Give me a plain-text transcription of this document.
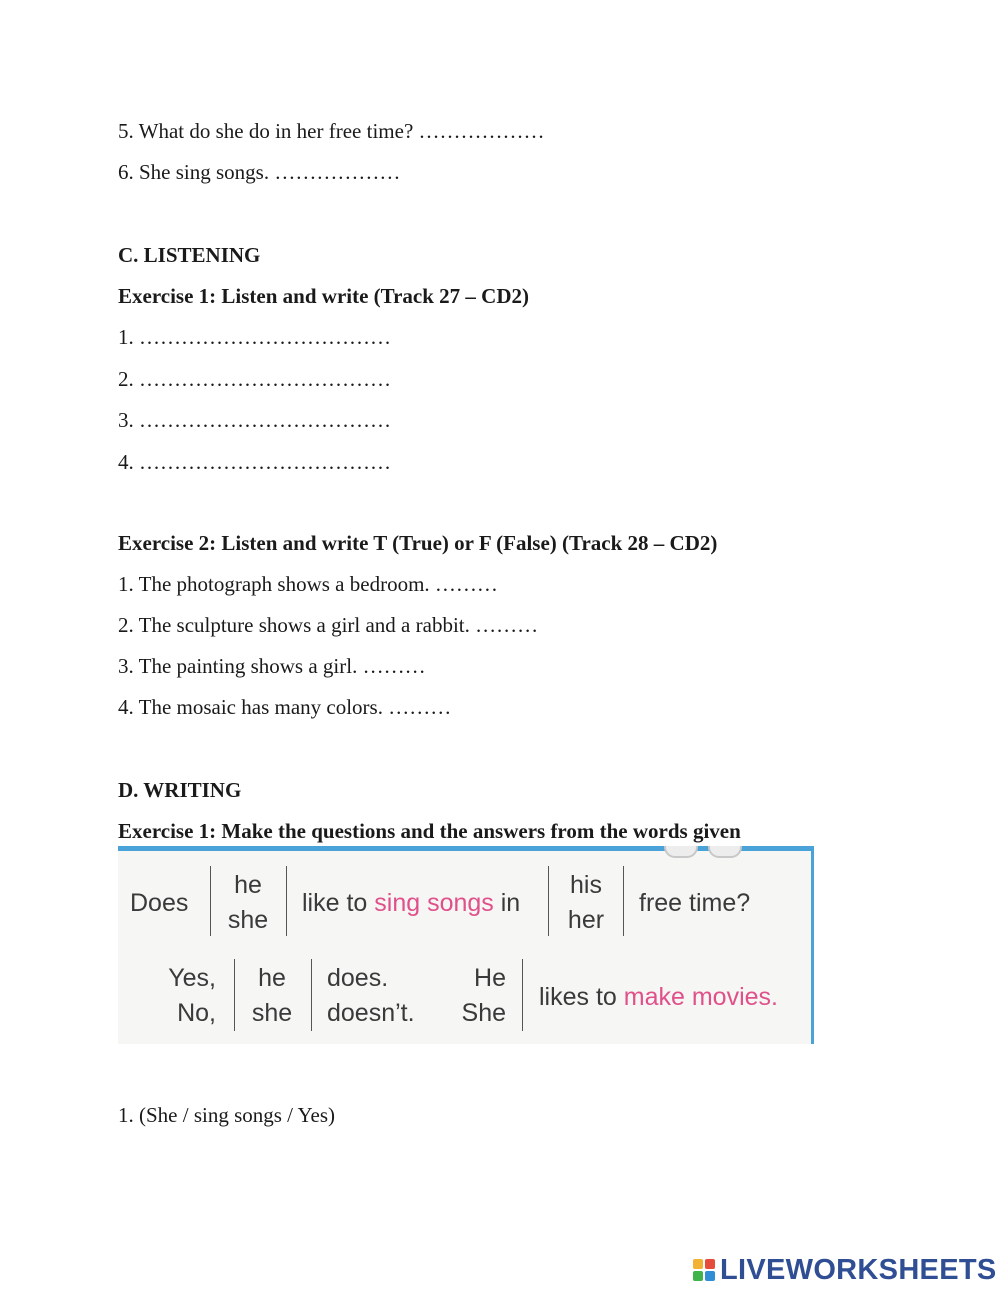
5. What do she do in her free time? ………………
6. She sing songs. ………………
C. LISTENING
Exercise 1: Listen and write (Track 27 – CD2)
1. ………………………………
2. ………………………………
3. ………………………………
4. ………………………………
Exercise 2: Listen and write T (True) or F (False) (Track 28 – CD2)
1. The photograph shows a bedroom. ………
2. The sculpture shows a girl and a rabbit. ………
3. The painting shows a girl. ………
4. The mosaic has many colors. ………
D. WRITING
Exercise 1: Make the questions and the answers from the words given
Does
he
she
like to sing songs in
his
her
free time?
Yes,
No,
he
she
does.
doesn’t.
He
She
likes to make movies.
1. (She / sing songs / Yes)
LIVEWORKSHEETS
